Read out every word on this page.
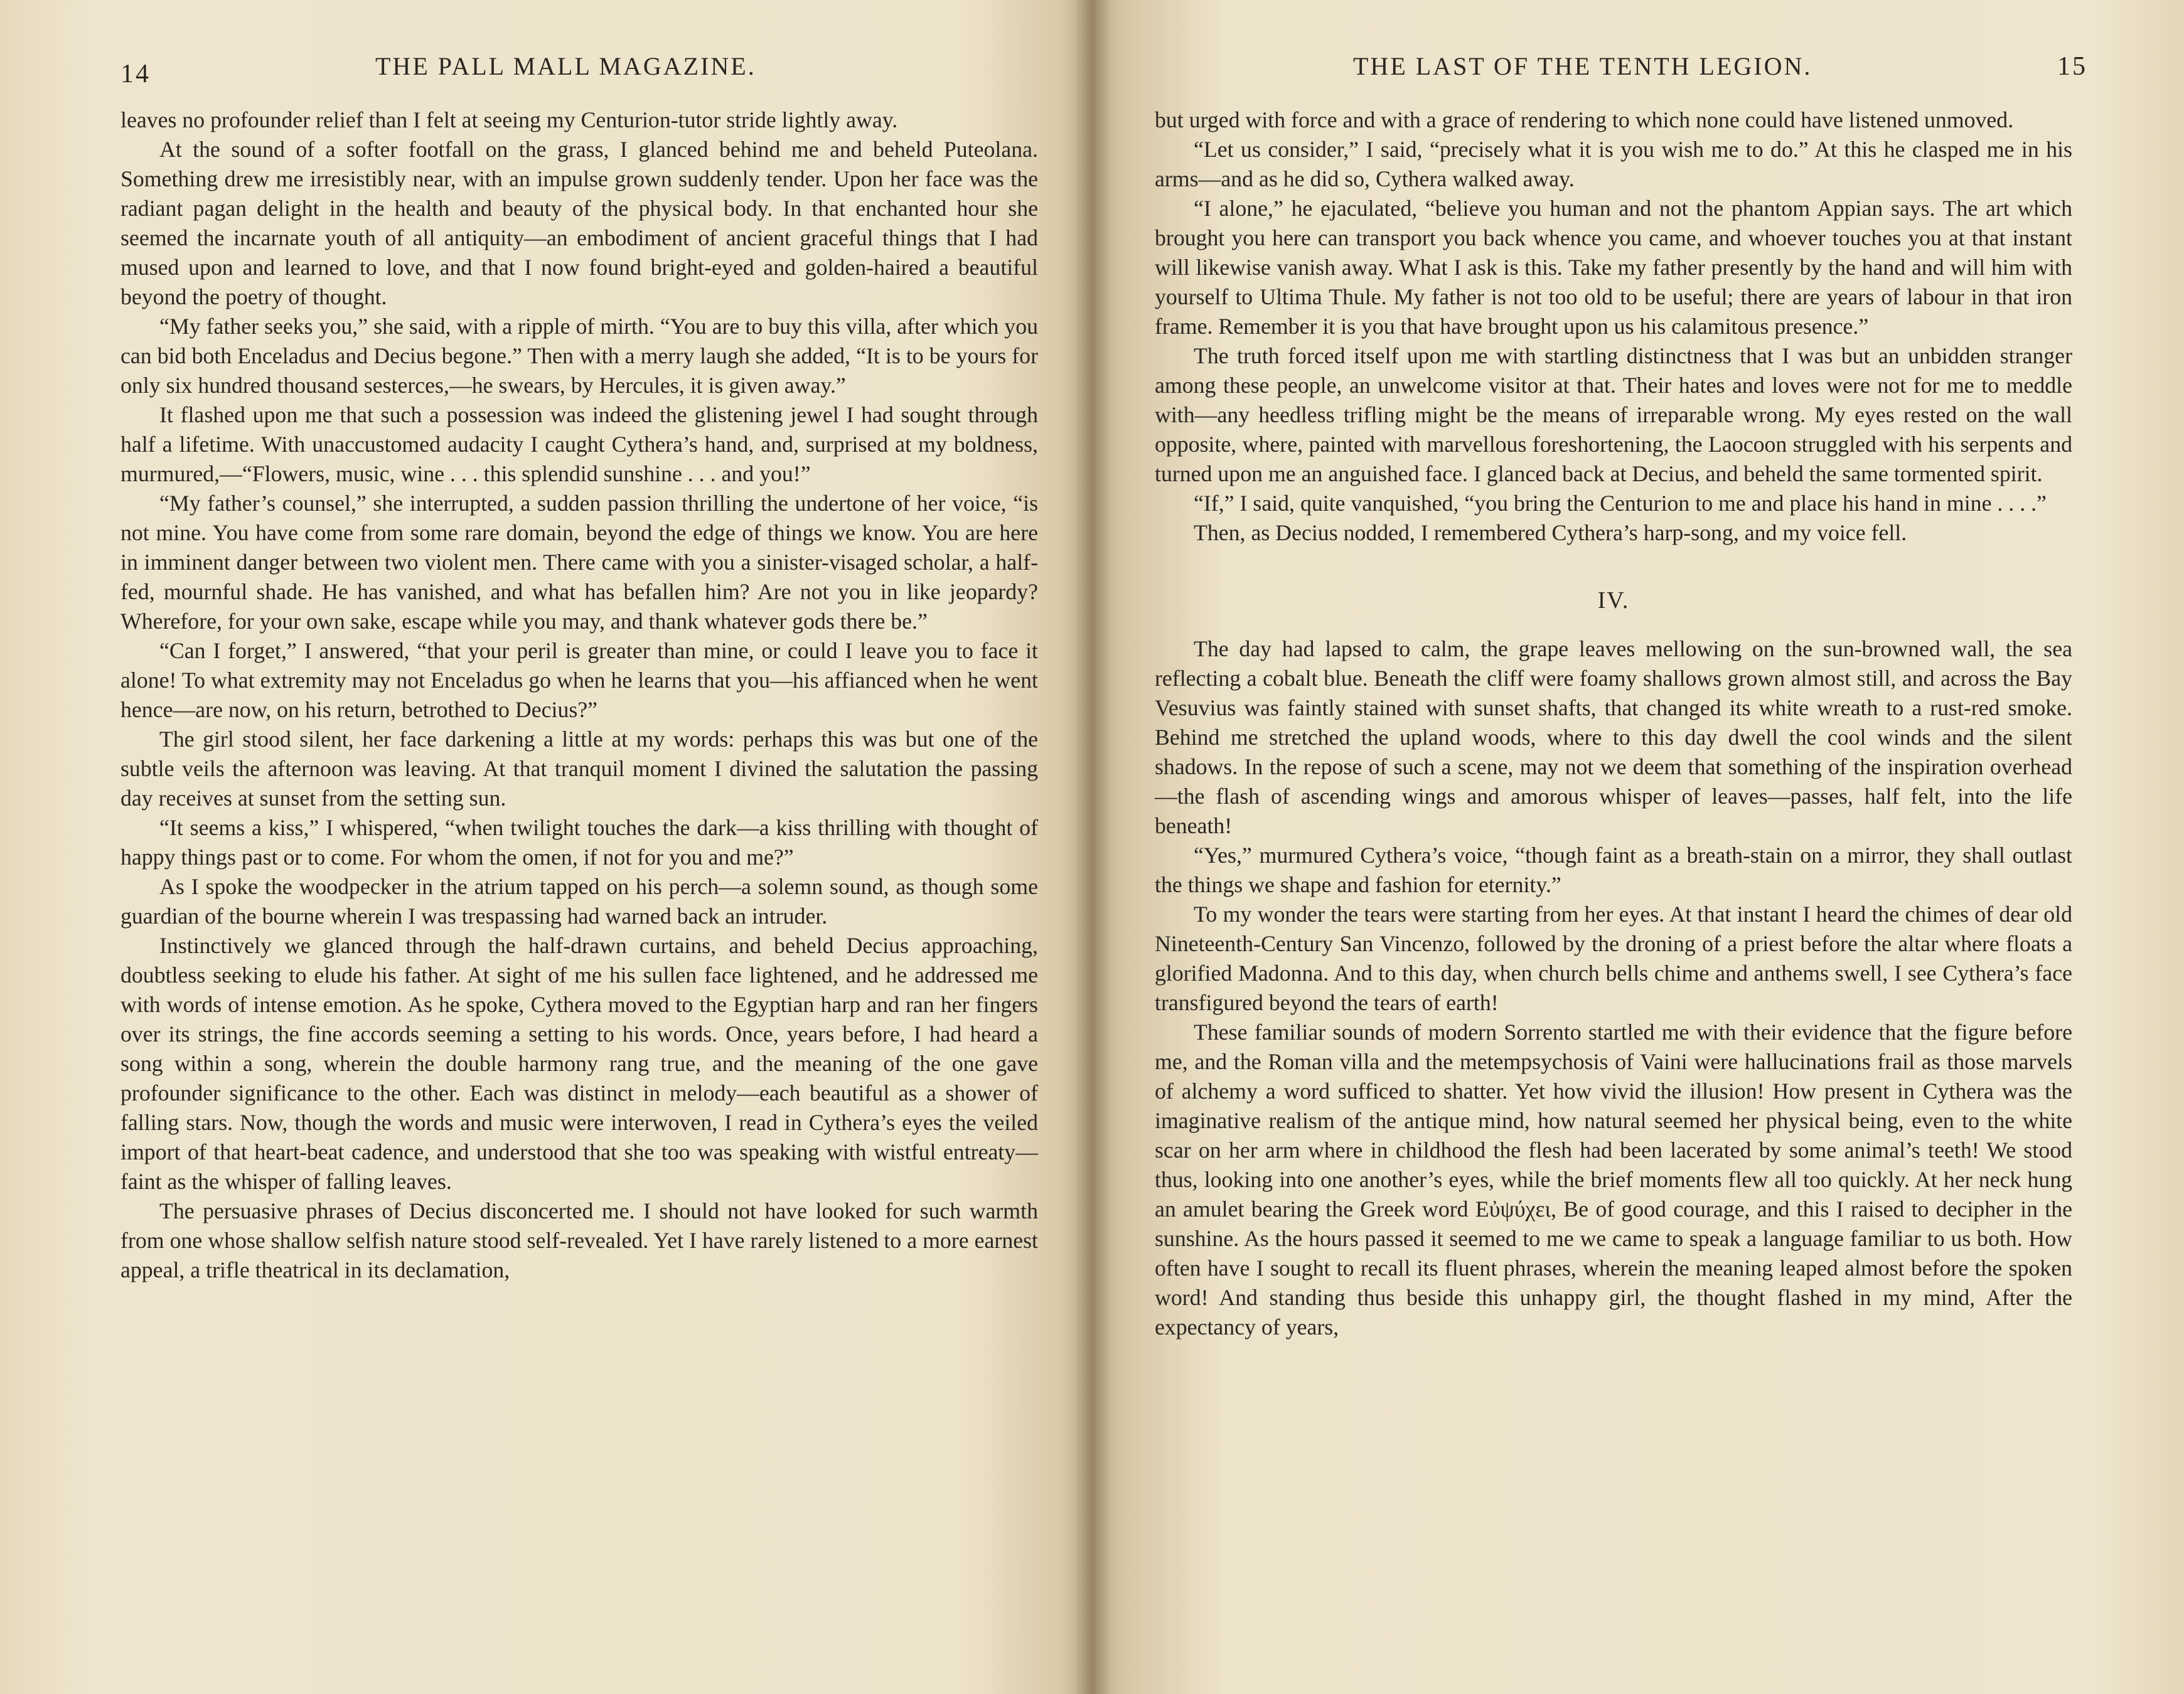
14	THE PALL MALL MAGAZINE.

leaves no profounder relief than I felt at seeing my Centurion-tutor stride lightly away.

At the sound of a softer footfall on the grass, I glanced behind me and beheld Puteolana. Something drew me irresistibly near, with an impulse grown suddenly tender. Upon her face was the radiant pagan delight in the health and beauty of the physical body. In that enchanted hour she seemed the incarnate youth of all antiquity—an embodiment of ancient graceful things that I had mused upon and learned to love, and that I now found bright-eyed and golden-haired a beautiful beyond the poetry of thought.

“My father seeks you,” she said, with a ripple of mirth. “You are to buy this villa, after which you can bid both Enceladus and Decius begone.” Then with a merry laugh she added, “It is to be yours for only six hundred thousand sesterces,—he swears, by Hercules, it is given away.”

It flashed upon me that such a possession was indeed the glistening jewel I had sought through half a lifetime. With unaccustomed audacity I caught Cythera’s hand, and, surprised at my boldness, murmured,—“Flowers, music, wine . . . this splendid sunshine . . . and you!”

“My father’s counsel,” she interrupted, a sudden passion thrilling the undertone of her voice, “is not mine. You have come from some rare domain, beyond the edge of things we know. You are here in imminent danger between two violent men. There came with you a sinister-visaged scholar, a half-fed, mournful shade. He has vanished, and what has befallen him? Are not you in like jeopardy? Wherefore, for your own sake, escape while you may, and thank whatever gods there be.”

“Can I forget,” I answered, “that your peril is greater than mine, or could I leave you to face it alone! To what extremity may not Enceladus go when he learns that you—his affianced when he went hence—are now, on his return, betrothed to Decius?”

The girl stood silent, her face darkening a little at my words: perhaps this was but one of the subtle veils the afternoon was leaving. At that tranquil moment I divined the salutation the passing day receives at sunset from the setting sun.

“It seems a kiss,” I whispered, “when twilight touches the dark—a kiss thrilling with thought of happy things past or to come. For whom the omen, if not for you and me?”

As I spoke the woodpecker in the atrium tapped on his perch—a solemn sound, as though some guardian of the bourne wherein I was trespassing had warned back an intruder.

Instinctively we glanced through the half-drawn curtains, and beheld Decius approaching, doubtless seeking to elude his father. At sight of me his sullen face lightened, and he addressed me with words of intense emotion. As he spoke, Cythera moved to the Egyptian harp and ran her fingers over its strings, the fine accords seeming a setting to his words. Once, years before, I had heard a song within a song, wherein the double harmony rang true, and the meaning of the one gave profounder significance to the other. Each was distinct in melody—each beautiful as a shower of falling stars. Now, though the words and music were interwoven, I read in Cythera’s eyes the veiled import of that heart-beat cadence, and understood that she too was speaking with wistful entreaty—faint as the whisper of falling leaves.

The persuasive phrases of Decius disconcerted me. I should not have looked for such warmth from one whose shallow selfish nature stood self-revealed. Yet I have rarely listened to a more earnest appeal, a trifle theatrical in its declamation,

THE LAST OF THE TENTH LEGION.	15

but urged with force and with a grace of rendering to which none could have listened unmoved.

“Let us consider,” I said, “precisely what it is you wish me to do.” At this he clasped me in his arms—and as he did so, Cythera walked away.

“I alone,” he ejaculated, “believe you human and not the phantom Appian says. The art which brought you here can transport you back whence you came, and whoever touches you at that instant will likewise vanish away. What I ask is this. Take my father presently by the hand and will him with yourself to Ultima Thule. My father is not too old to be useful; there are years of labour in that iron frame. Remember it is you that have brought upon us his calamitous presence.”

The truth forced itself upon me with startling distinctness that I was but an unbidden stranger among these people, an unwelcome visitor at that. Their hates and loves were not for me to meddle with—any heedless trifling might be the means of irreparable wrong. My eyes rested on the wall opposite, where, painted with marvellous foreshortening, the Laocoon struggled with his serpents and turned upon me an anguished face. I glanced back at Decius, and beheld the same tormented spirit.

“If,” I said, quite vanquished, “you bring the Centurion to me and place his hand in mine . . . .”

Then, as Decius nodded, I remembered Cythera’s harp-song, and my voice fell.

IV.

The day had lapsed to calm, the grape leaves mellowing on the sun-browned wall, the sea reflecting a cobalt blue. Beneath the cliff were foamy shallows grown almost still, and across the Bay Vesuvius was faintly stained with sunset shafts, that changed its white wreath to a rust-red smoke. Behind me stretched the upland woods, where to this day dwell the cool winds and the silent shadows. In the repose of such a scene, may not we deem that something of the inspiration overhead—the flash of ascending wings and amorous whisper of leaves—passes, half felt, into the life beneath!

“Yes,” murmured Cythera’s voice, “though faint as a breath-stain on a mirror, they shall outlast the things we shape and fashion for eternity.”

To my wonder the tears were starting from her eyes. At that instant I heard the chimes of dear old Nineteenth-Century San Vincenzo, followed by the droning of a priest before the altar where floats a glorified Madonna. And to this day, when church bells chime and anthems swell, I see Cythera’s face transfigured beyond the tears of earth!

These familiar sounds of modern Sorrento startled me with their evidence that the figure before me, and the Roman villa and the metempsychosis of Vaini were hallucinations frail as those marvels of alchemy a word sufficed to shatter. Yet how vivid the illusion! How present in Cythera was the imaginative realism of the antique mind, how natural seemed her physical being, even to the white scar on her arm where in childhood the flesh had been lacerated by some animal’s teeth! We stood thus, looking into one another’s eyes, while the brief moments flew all too quickly. At her neck hung an amulet bearing the Greek word Εὐψύχει, Be of good courage, and this I raised to decipher in the sunshine. As the hours passed it seemed to me we came to speak a language familiar to us both. How often have I sought to recall its fluent phrases, wherein the meaning leaped almost before the spoken word! And standing thus beside this unhappy girl, the thought flashed in my mind, After the expectancy of years,
